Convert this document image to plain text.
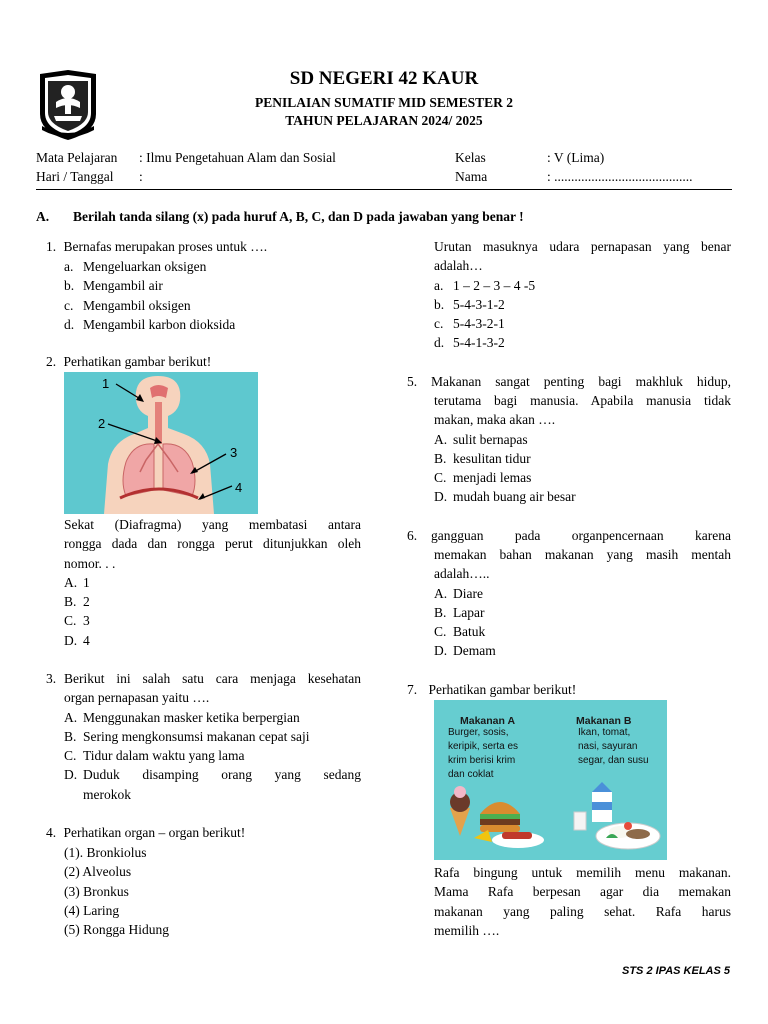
SD NEGERI 42 KAUR
PENILAIAN SUMATIF MID SEMESTER 2
TAHUN PELAJARAN 2024/ 2025
Mata Pelajaran : Ilmu Pengetahuan Alam dan Sosial
Hari / Tanggal :
Kelas	: V (Lima)
Nama	: .........................................
A. Berilah tanda silang (x) pada huruf A, B, C, dan D pada jawaban yang benar !
1. Bernafas merupakan proses untuk ….
a. Mengeluarkan oksigen
b. Mengambil air
c. Mengambil oksigen
d. Mengambil karbon dioksida
2. Perhatikan gambar berikut!
1
2
3
4
Sekat (Diafragma) yang membatasi antara
rongga dada dan rongga perut ditunjukkan oleh
nomor. . .
A. 1
B. 2
C. 3
D. 4
3. Berikut ini salah satu cara menjaga kesehatan
organ pernapasan yaitu ….
A. Menggunakan masker ketika berpergian
B. Sering mengkonsumsi makanan cepat saji
C. Tidur dalam waktu yang lama
D. Duduk disamping orang yang sedang
merokok
4. Perhatikan organ – organ berikut!
(1). Bronkiolus
(2) Alveolus
(3) Bronkus
(4) Laring
(5) Rongga Hidung
Urutan masuknya udara pernapasan yang benar
adalah…
a. 1 – 2 – 3 – 4 -5
b. 5-4-3-1-2
c. 5-4-3-2-1
d. 5-4-1-3-2
5. Makanan sangat penting bagi makhluk hidup,
terutama bagi manusia. Apabila manusia tidak
makan, maka akan ….
A. sulit bernapas
B. kesulitan tidur
C. menjadi lemas
D. mudah buang air besar
6. gangguan pada organpencernaan karena
memakan bahan makanan yang masih mentah
adalah…..
A. Diare
B. Lapar
C. Batuk
D. Demam
7. Perhatikan gambar berikut!
Makanan A
Burger, sosis,
keripik, serta es
krim berisi krim
dan coklat
Makanan B
Ikan, tomat,
nasi, sayuran
segar, dan susu
Rafa bingung untuk memilih menu makanan.
Mama Rafa berpesan agar dia memakan
makanan yang paling sehat. Rafa harus
memilih ….
STS 2 IPAS KELAS 5
